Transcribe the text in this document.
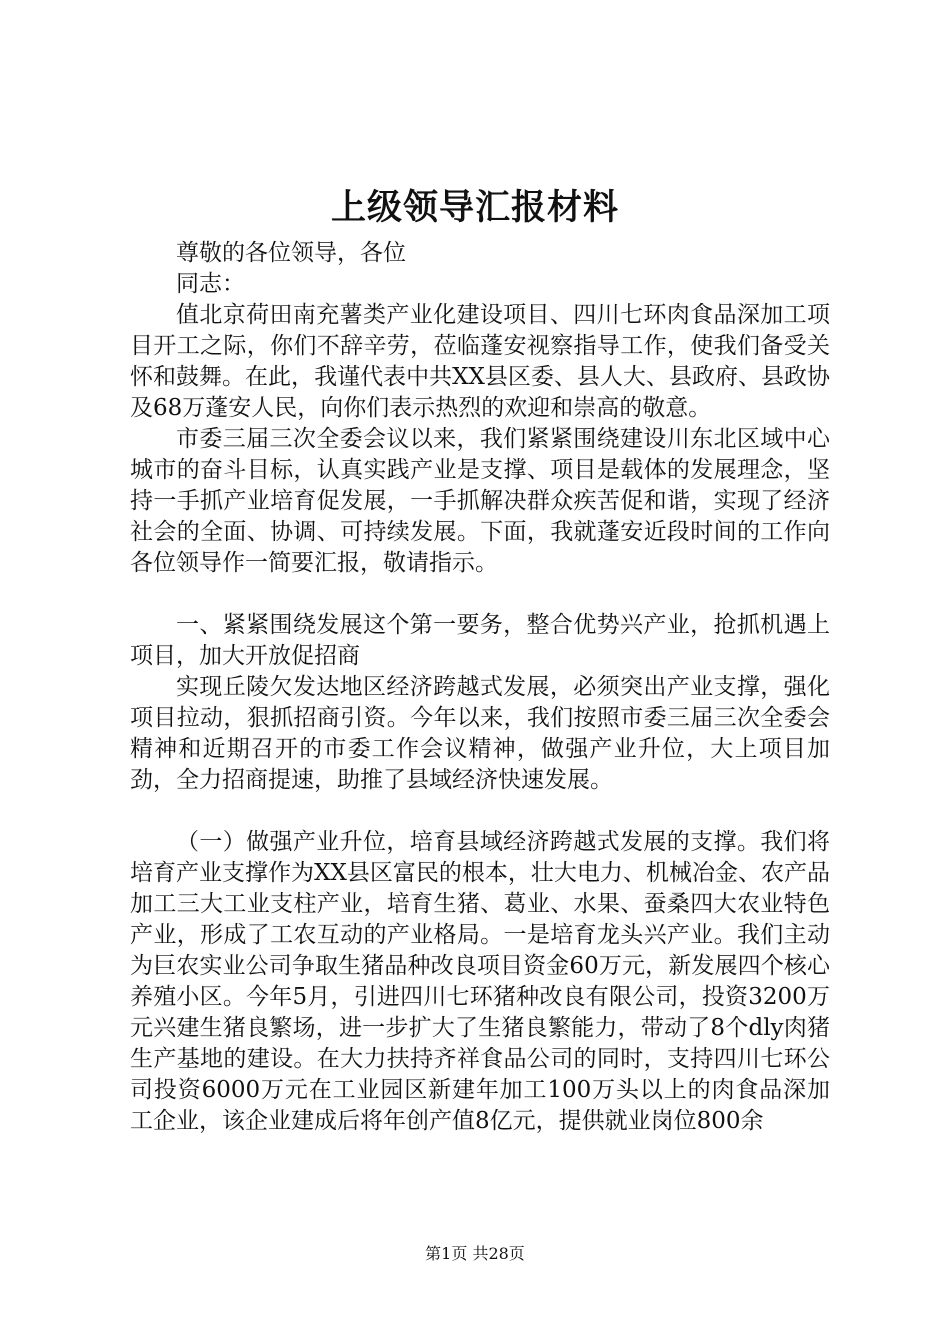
上级领导汇报材料

尊敬的各位领导，各位

同志：

值北京荷田南充薯类产业化建设项目、四川七环肉食品深加工项目开工之际，你们不辞辛劳，莅临蓬安视察指导工作，使我们备受关怀和鼓舞。在此，我谨代表中共XX县区委、县人大、县政府、县政协及68万蓬安人民，向你们表示热烈的欢迎和崇高的敬意。

市委三届三次全委会议以来，我们紧紧围绕建设川东北区域中心城市的奋斗目标，认真实践产业是支撑、项目是载体的发展理念，坚持一手抓产业培育促发展，一手抓解决群众疾苦促和谐，实现了经济社会的全面、协调、可持续发展。下面，我就蓬安近段时间的工作向各位领导作一简要汇报，敬请指示。

一、紧紧围绕发展这个第一要务，整合优势兴产业，抢抓机遇上项目，加大开放促招商

实现丘陵欠发达地区经济跨越式发展，必须突出产业支撑，强化项目拉动，狠抓招商引资。今年以来，我们按照市委三届三次全委会精神和近期召开的市委工作会议精神，做强产业升位，大上项目加劲，全力招商提速，助推了县域经济快速发展。

（一）做强产业升位，培育县域经济跨越式发展的支撑。我们将培育产业支撑作为XX县区富民的根本，壮大电力、机械冶金、农产品加工三大工业支柱产业，培育生猪、葛业、水果、蚕桑四大农业特色产业，形成了工农互动的产业格局。一是培育龙头兴产业。我们主动为巨农实业公司争取生猪品种改良项目资金60万元，新发展四个核心养殖小区。今年5月，引进四川七环猪种改良有限公司，投资3200万元兴建生猪良繁场，进一步扩大了生猪良繁能力，带动了8个dly肉猪生产基地的建设。在大力扶持齐祥食品公司的同时，支持四川七环公司投资6000万元在工业园区新建年加工100万头以上的肉食品深加工企业，该企业建成后将年创产值8亿元，提供就业岗位800余

第1页 共28页
